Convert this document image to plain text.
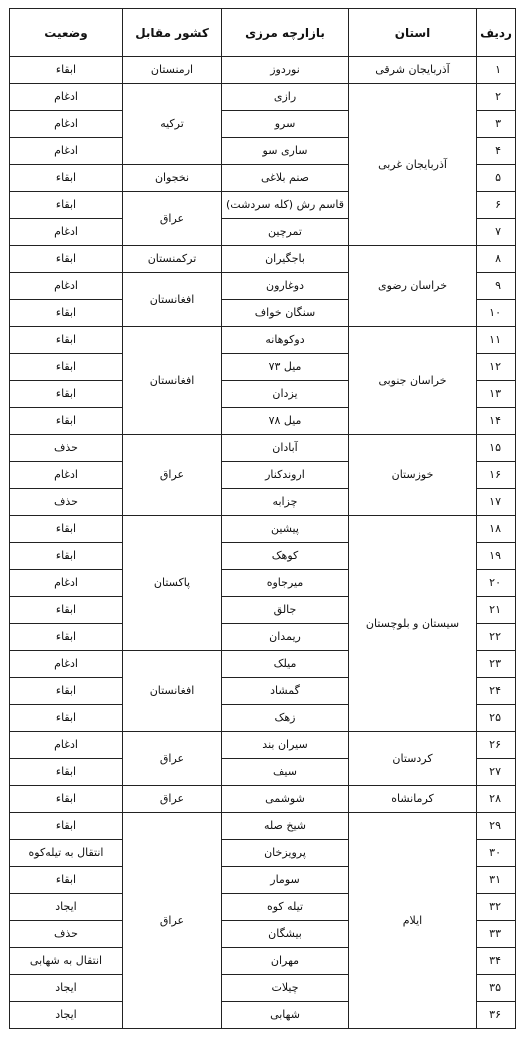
ردیف	استان	بازارچه مرزی	کشور مقابل	وضعیت
۱	آذربایجان شرقی	نوردوز	ارمنستان	ابقاء
۲	آذربایجان غربی	رازی	ترکیه	ادغام
۳		سرو		ادغام
۴		ساری سو		ادغام
۵		صنم بلاغی	نخجوان	ابقاء
۶		قاسم رش (کله سردشت)	عراق	ابقاء
۷		تمرچین		ادغام
۸	خراسان رضوی	باجگیران	ترکمنستان	ابقاء
۹		دوغارون	افغانستان	ادغام
۱۰		سنگان خواف		ابقاء
۱۱	خراسان جنوبی	دوکوهانه	افغانستان	ابقاء
۱۲		میل ۷۳		ابقاء
۱۳		یزدان		ابقاء
۱۴		میل ۷۸		ابقاء
۱۵	خوزستان	آبادان	عراق	حذف
۱۶		اروندکنار		ادغام
۱۷		چزابه		حذف
۱۸	سیستان و بلوچستان	پیشین	پاکستان	ابقاء
۱۹		کوهک		ابقاء
۲۰		میرجاوه		ادغام
۲۱		جالق		ابقاء
۲۲		ریمدان		ابقاء
۲۳		میلک	افغانستان	ادغام
۲۴		گمشاد		ابقاء
۲۵		زهک		ابقاء
۲۶	کردستان	سیران بند	عراق	ادغام
۲۷		سیف		ابقاء
۲۸	کرمانشاه	شوشمی	عراق	ابقاء
۲۹	ایلام	شیخ صله	عراق	ابقاء
۳۰		پرویزخان		انتقال به تیله‌کوه
۳۱		سومار		ابقاء
۳۲		تیله کوه		ایجاد
۳۳		بیشگان		حذف
۳۴		مهران		انتقال به شهابی
۳۵		چیلات		ایجاد
۳۶		شهابی		ایجاد
